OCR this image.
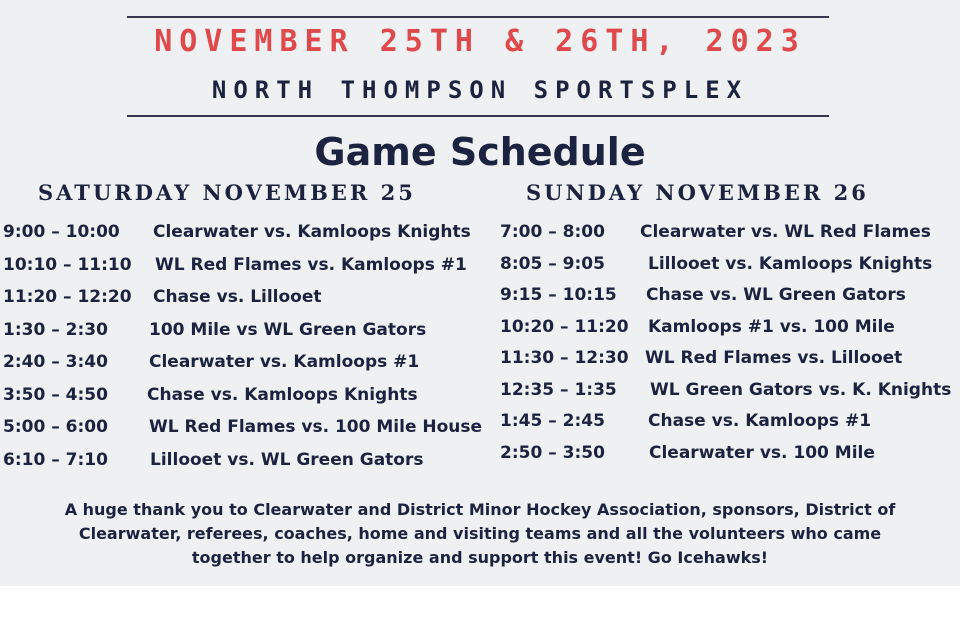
NOVEMBER 25TH & 26TH, 2023
NORTH THOMPSON SPORTSPLEX
Game Schedule
SATURDAY NOVEMBER 25	SUNDAY NOVEMBER 26
9:00 – 10:00 Clearwater vs. Kamloops Knights
10:10 – 11:10 WL Red Flames vs. Kamloops #1
11:20 – 12:20 Chase vs. Lillooet
1:30 – 2:30 100 Mile vs WL Green Gators
2:40 – 3:40 Clearwater vs. Kamloops #1
3:50 – 4:50 Chase vs. Kamloops Knights
5:00 – 6:00 WL Red Flames vs. 100 Mile House
6:10 – 7:10 Lillooet vs. WL Green Gators
7:00 – 8:00 Clearwater vs. WL Red Flames
8:05 – 9:05	Lillooet vs. Kamloops Knights
9:15 – 10:15 Chase vs. WL Green Gators
10:20 – 11:20 Kamloops #1 vs. 100 Mile
11:30 – 12:30 WL Red Flames vs. Lillooet
12:35 – 1:35 WL Green Gators vs. K. Knights
1:45 – 2:45	Chase vs. Kamloops #1
2:50 – 3:50	Clearwater vs. 100 Mile
A huge thank you to Clearwater and District Minor Hockey Association, sponsors, District of Clearwater, referees, coaches, home and visiting teams and all the volunteers who came together to help organize and support this event! Go Icehawks!
